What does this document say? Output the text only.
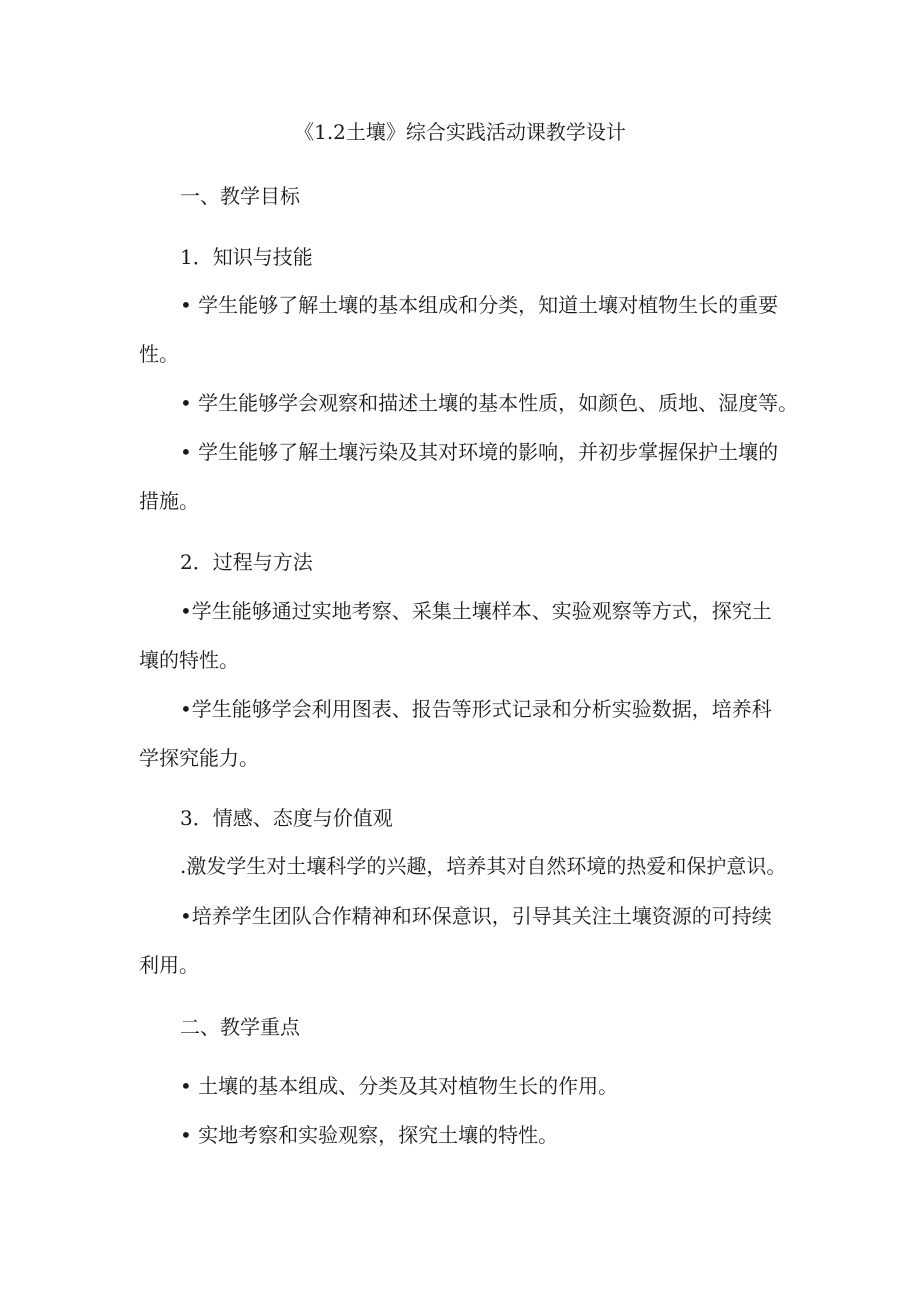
《1.2土壤》综合实践活动课教学设计
一、教学目标
1．知识与技能
• 学生能够了解土壤的基本组成和分类，知道土壤对植物生长的重要
性。
• 学生能够学会观察和描述土壤的基本性质，如颜色、质地、湿度等。
• 学生能够了解土壤污染及其对环境的影响，并初步掌握保护土壤的
措施。
2．过程与方法
•学生能够通过实地考察、采集土壤样本、实验观察等方式，探究土
壤的特性。
•学生能够学会利用图表、报告等形式记录和分析实验数据，培养科
学探究能力。
3．情感、态度与价值观
.激发学生对土壤科学的兴趣，培养其对自然环境的热爱和保护意识。
•培养学生团队合作精神和环保意识，引导其关注土壤资源的可持续
利用。
二、教学重点
• 土壤的基本组成、分类及其对植物生长的作用。
• 实地考察和实验观察，探究土壤的特性。
